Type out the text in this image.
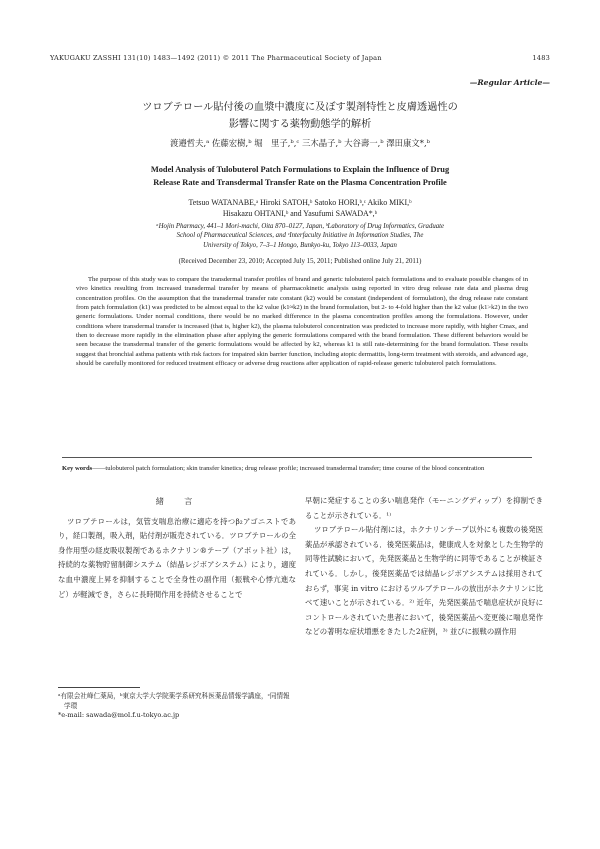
YAKUGAKU ZASSHI 131(10) 1483—1492 (2011) © 2011 The Pharmaceutical Society of Japan	1483
—Regular Article—
ツロブテロール貼付後の血漿中濃度に及ぼす製剤特性と皮膚透過性の
影響に関する薬物動態学的解析
渡邉哲夫,ᵃ 佐藤宏樹,ᵇ 堀　里子,ᵇ,ᶜ 三木晶子,ᵇ 大谷壽一,ᵇ 澤田康文*,ᵇ
Model Analysis of Tulobuterol Patch Formulations to Explain the Influence of Drug
Release Rate and Transdermal Transfer Rate on the Plasma Concentration Profile
Tetsuo WATANABE,ᵃ Hiroki SATOH,ᵇ Satoko HORI,ᵇ,ᶜ Akiko MIKI,ᵇ
Hisakazu OHTANI,ᵇ and Yasufumi SAWADA*,ᵇ
ᵃHojin Pharmacy, 441–1 Mori-machi, Oita 870–0127, Japan, ᵇLaboratory of Drug Informatics, Graduate
School of Pharmaceutical Sciences, and ᶜInterfaculty Initiative in Information Studies, The
University of Tokyo, 7–3–1 Hongo, Bunkyo-ku, Tokyo 113–0033, Japan
(Received December 23, 2010; Accepted July 15, 2011; Published online July 21, 2011)
The purpose of this study was to compare the transdermal transfer profiles of brand and generic tulobuterol patch formulations and to evaluate possible changes of in vivo kinetics resulting from increased transdermal transfer by means of pharmacokinetic analysis using reported in vitro drug release rate data and plasma drug concentration profiles. On the assumption that the transdermal transfer rate constant (k2) would be constant (independent of formulation), the drug release rate constant from patch formulation (k1) was predicted to be almost equal to the k2 value (k1≈k2) in the brand formulation, but 2- to 4-fold higher than the k2 value (k1>k2) in the two generic formulations. Under normal conditions, there would be no marked difference in the plasma concentration profiles among the formulations. However, under conditions where transdermal transfer is increased (that is, higher k2), the plasma tulobuterol concentration was predicted to increase more rapidly, with higher Cmax, and then to decrease more rapidly in the elimination phase after applying the generic formulations compared with the brand formulation. These different behaviors would be seen because the transdermal transfer of the generic formulations would be affected by k2, whereas k1 is still rate-determining for the brand formulation. These results suggest that bronchial asthma patients with risk factors for impaired skin barrier function, including atopic dermatitis, long-term treatment with steroids, and advanced age, should be carefully monitored for reduced treatment efficacy or adverse drug reactions after application of rapid-release generic tulobuterol patch formulations.
Key words——tulobuterol patch formulation; skin transfer kinetics; drug release profile; increased transdermal transfer; time course of the blood concentration
緒　言

ツロブテロールは，気管支喘息治療に適応を持つβ₂アゴニストであり，経口製剤，吸入剤，貼付剤が販売されている．ツロブテロールの全身作用型の経皮吸収製剤であるホクナリン®テープ（アボット社）は，持続的な薬物貯留制御システム（結晶レジボアシステム）により，適度な血中濃度上昇を抑制することで全身性の副作用（振戦や心悸亢進など）が軽減でき，さらに長時間作用を持続させることで

早朝に発症することの多い喘息発作（モーニングディップ）を抑制できることが示されている．¹⁾

ツロブテロール貼付剤には，ホクナリンテープ以外にも複数の後発医薬品が承認されている．後発医薬品は，健康成人を対象とした生物学的同等性試験において，先発医薬品と生物学的に同等であることが検証されている．しかし，後発医薬品では結晶レジボアシステムは採用されておらず，事実 in vitro におけるツルブテロールの放出がホクナリンに比べて速いことが示されている．²⁾ 近年，先発医薬品で喘息症状が良好にコントロールされていた患者において，後発医薬品へ変更後に喘息発作などの著明な症状増悪をきたした2症例，³⁾ 並びに振戦の副作用

ᵃ有限会社峰仁薬局，ᵇ東京大学大学院薬学系研究科医薬品情報学講座，ᶜ同情報学環
*e-mail: sawada@mol.f.u-tokyo.ac.jp
